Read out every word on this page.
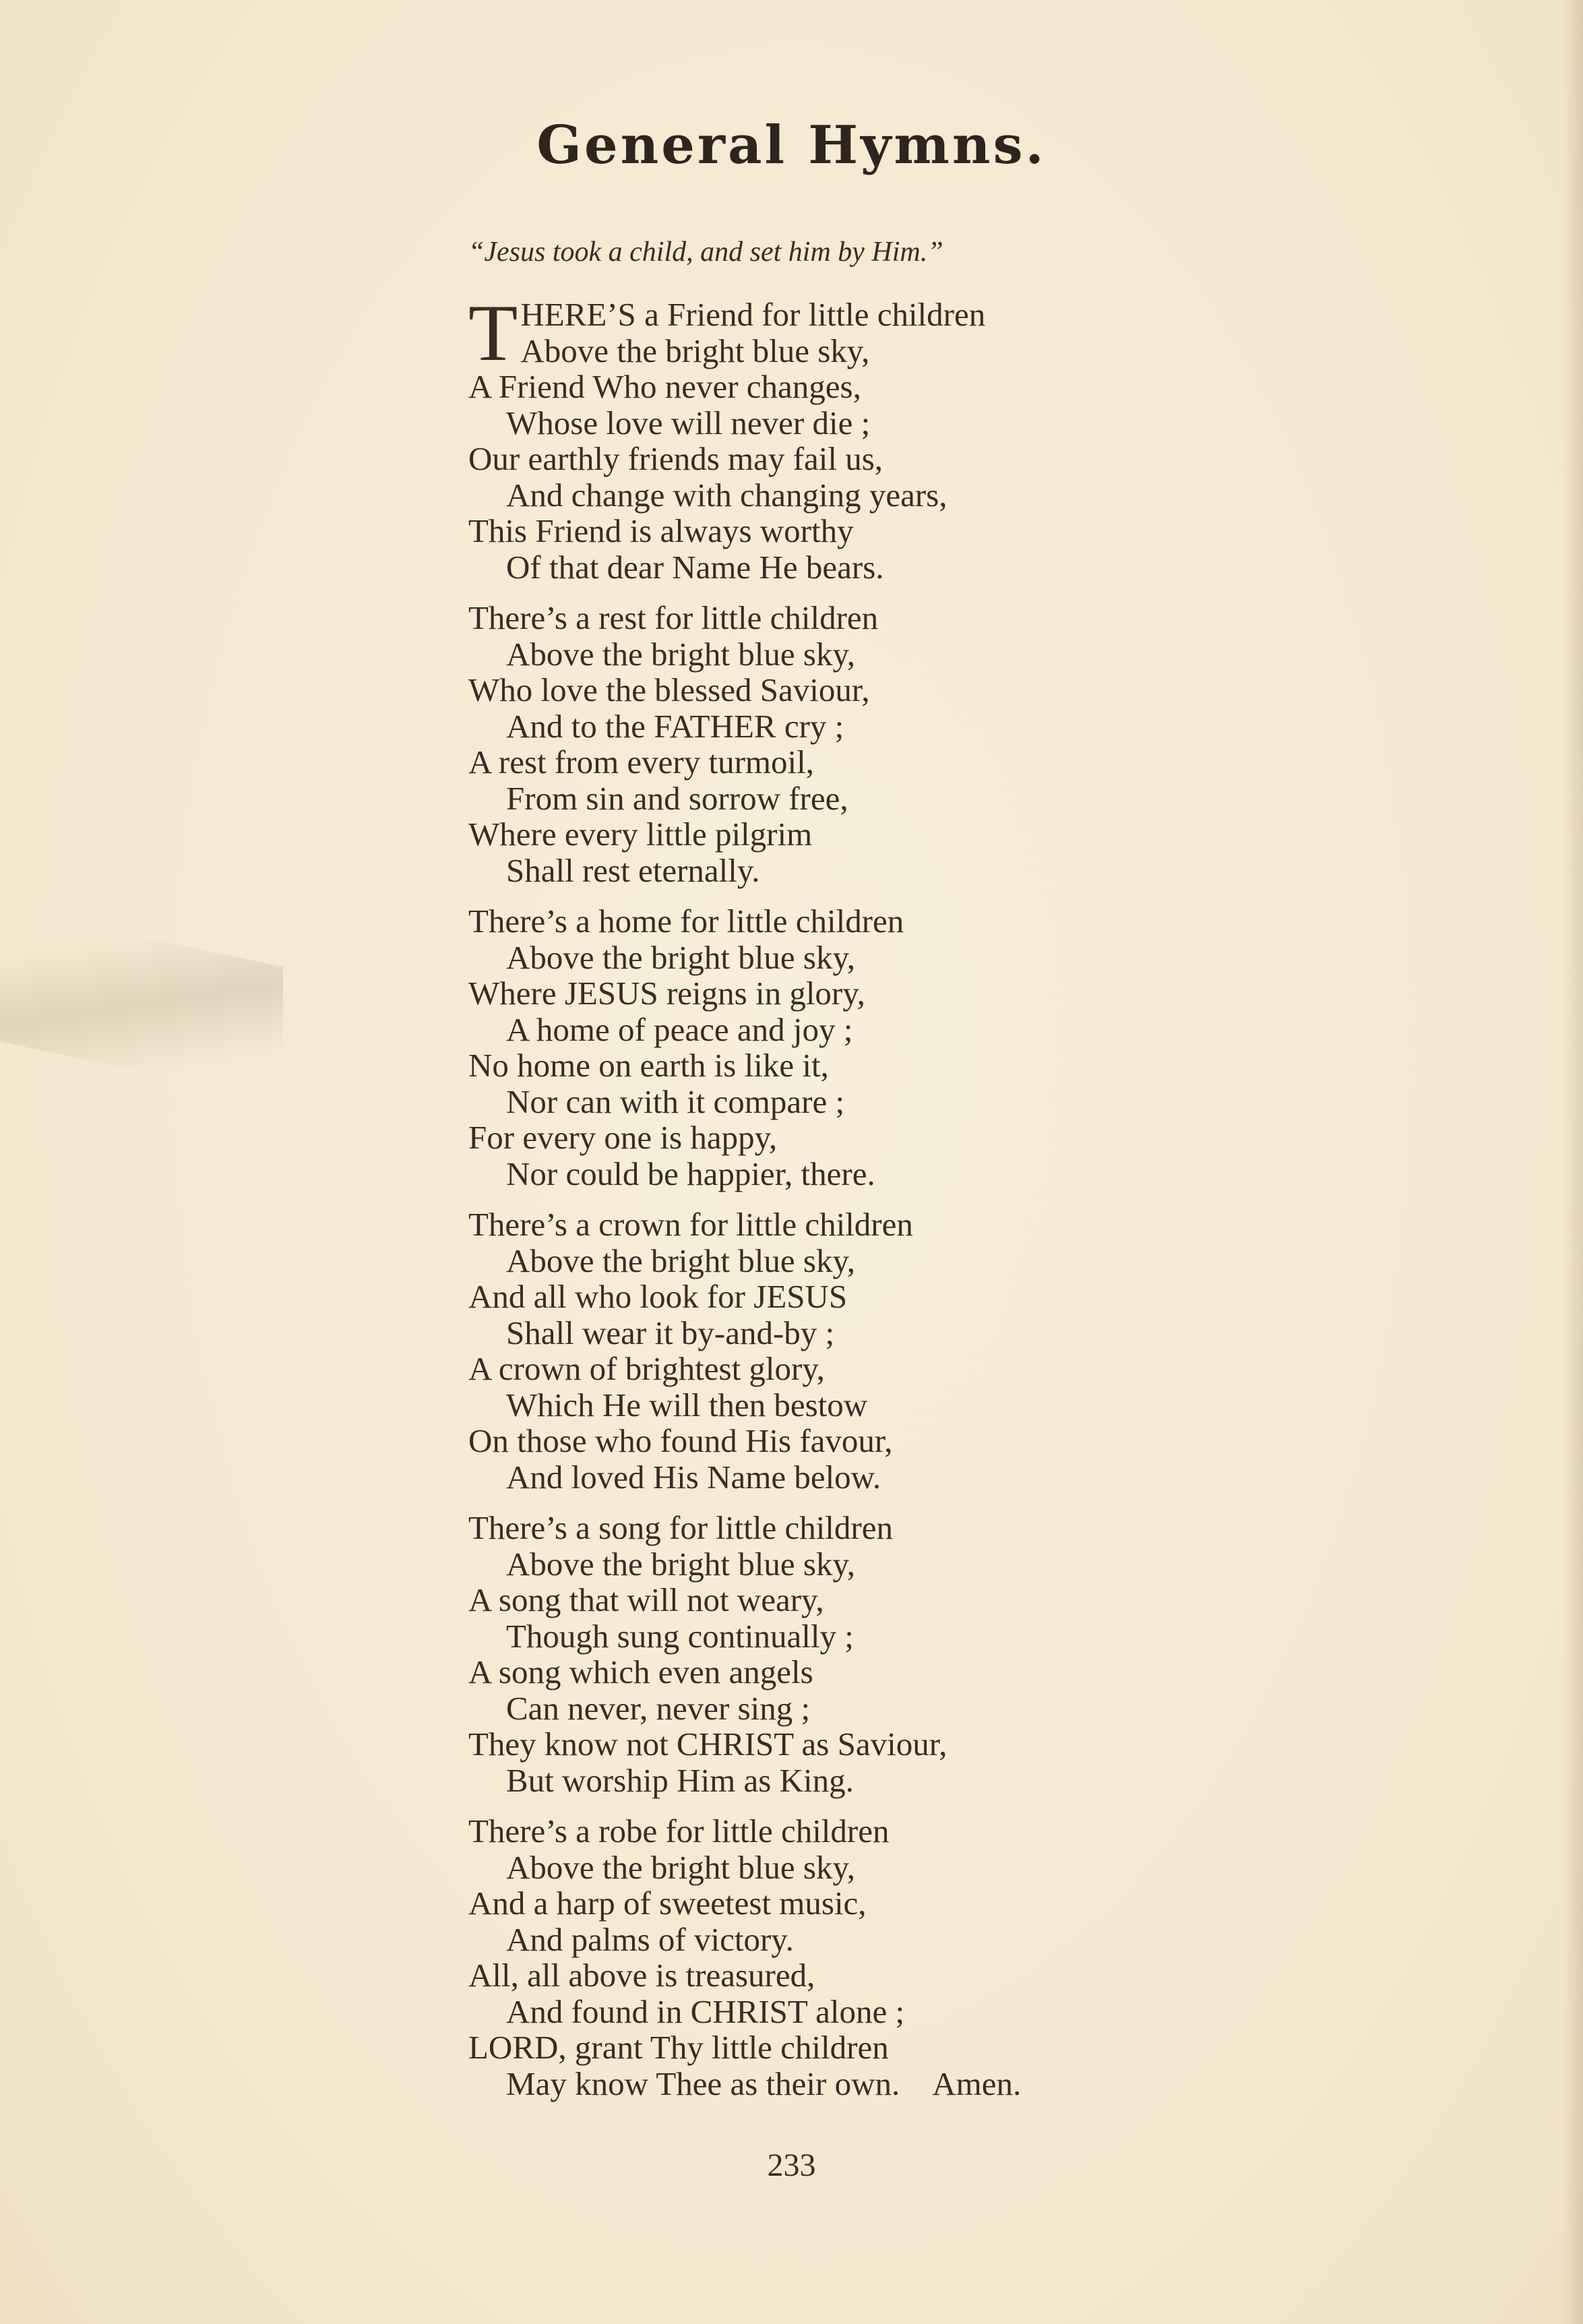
General Hymns.
“Jesus took a child, and set him by Him.”
T HERE’S a Friend for little children
Above the bright blue sky,
A Friend Who never changes,
Whose love will never die ;
Our earthly friends may fail us,
And change with changing years,
This Friend is always worthy
Of that dear Name He bears.
There’s a rest for little children
Above the bright blue sky,
Who love the blessed Saviour,
And to the FATHER cry ;
A rest from every turmoil,
From sin and sorrow free,
Where every little pilgrim
Shall rest eternally.
There’s a home for little children
Above the bright blue sky,
Where JESUS reigns in glory,
A home of peace and joy ;
No home on earth is like it,
Nor can with it compare ;
For every one is happy,
Nor could be happier, there.
There’s a crown for little children
Above the bright blue sky,
And all who look for JESUS
Shall wear it by-and-by ;
A crown of brightest glory,
Which He will then bestow
On those who found His favour,
And loved His Name below.
There’s a song for little children
Above the bright blue sky,
A song that will not weary,
Though sung continually ;
A song which even angels
Can never, never sing ;
They know not CHRIST as Saviour,
But worship Him as King.
There’s a robe for little children
Above the bright blue sky,
And a harp of sweetest music,
And palms of victory.
All, all above is treasured,
And found in CHRIST alone ;
LORD, grant Thy little children
May know Thee as their own. Amen.
233
